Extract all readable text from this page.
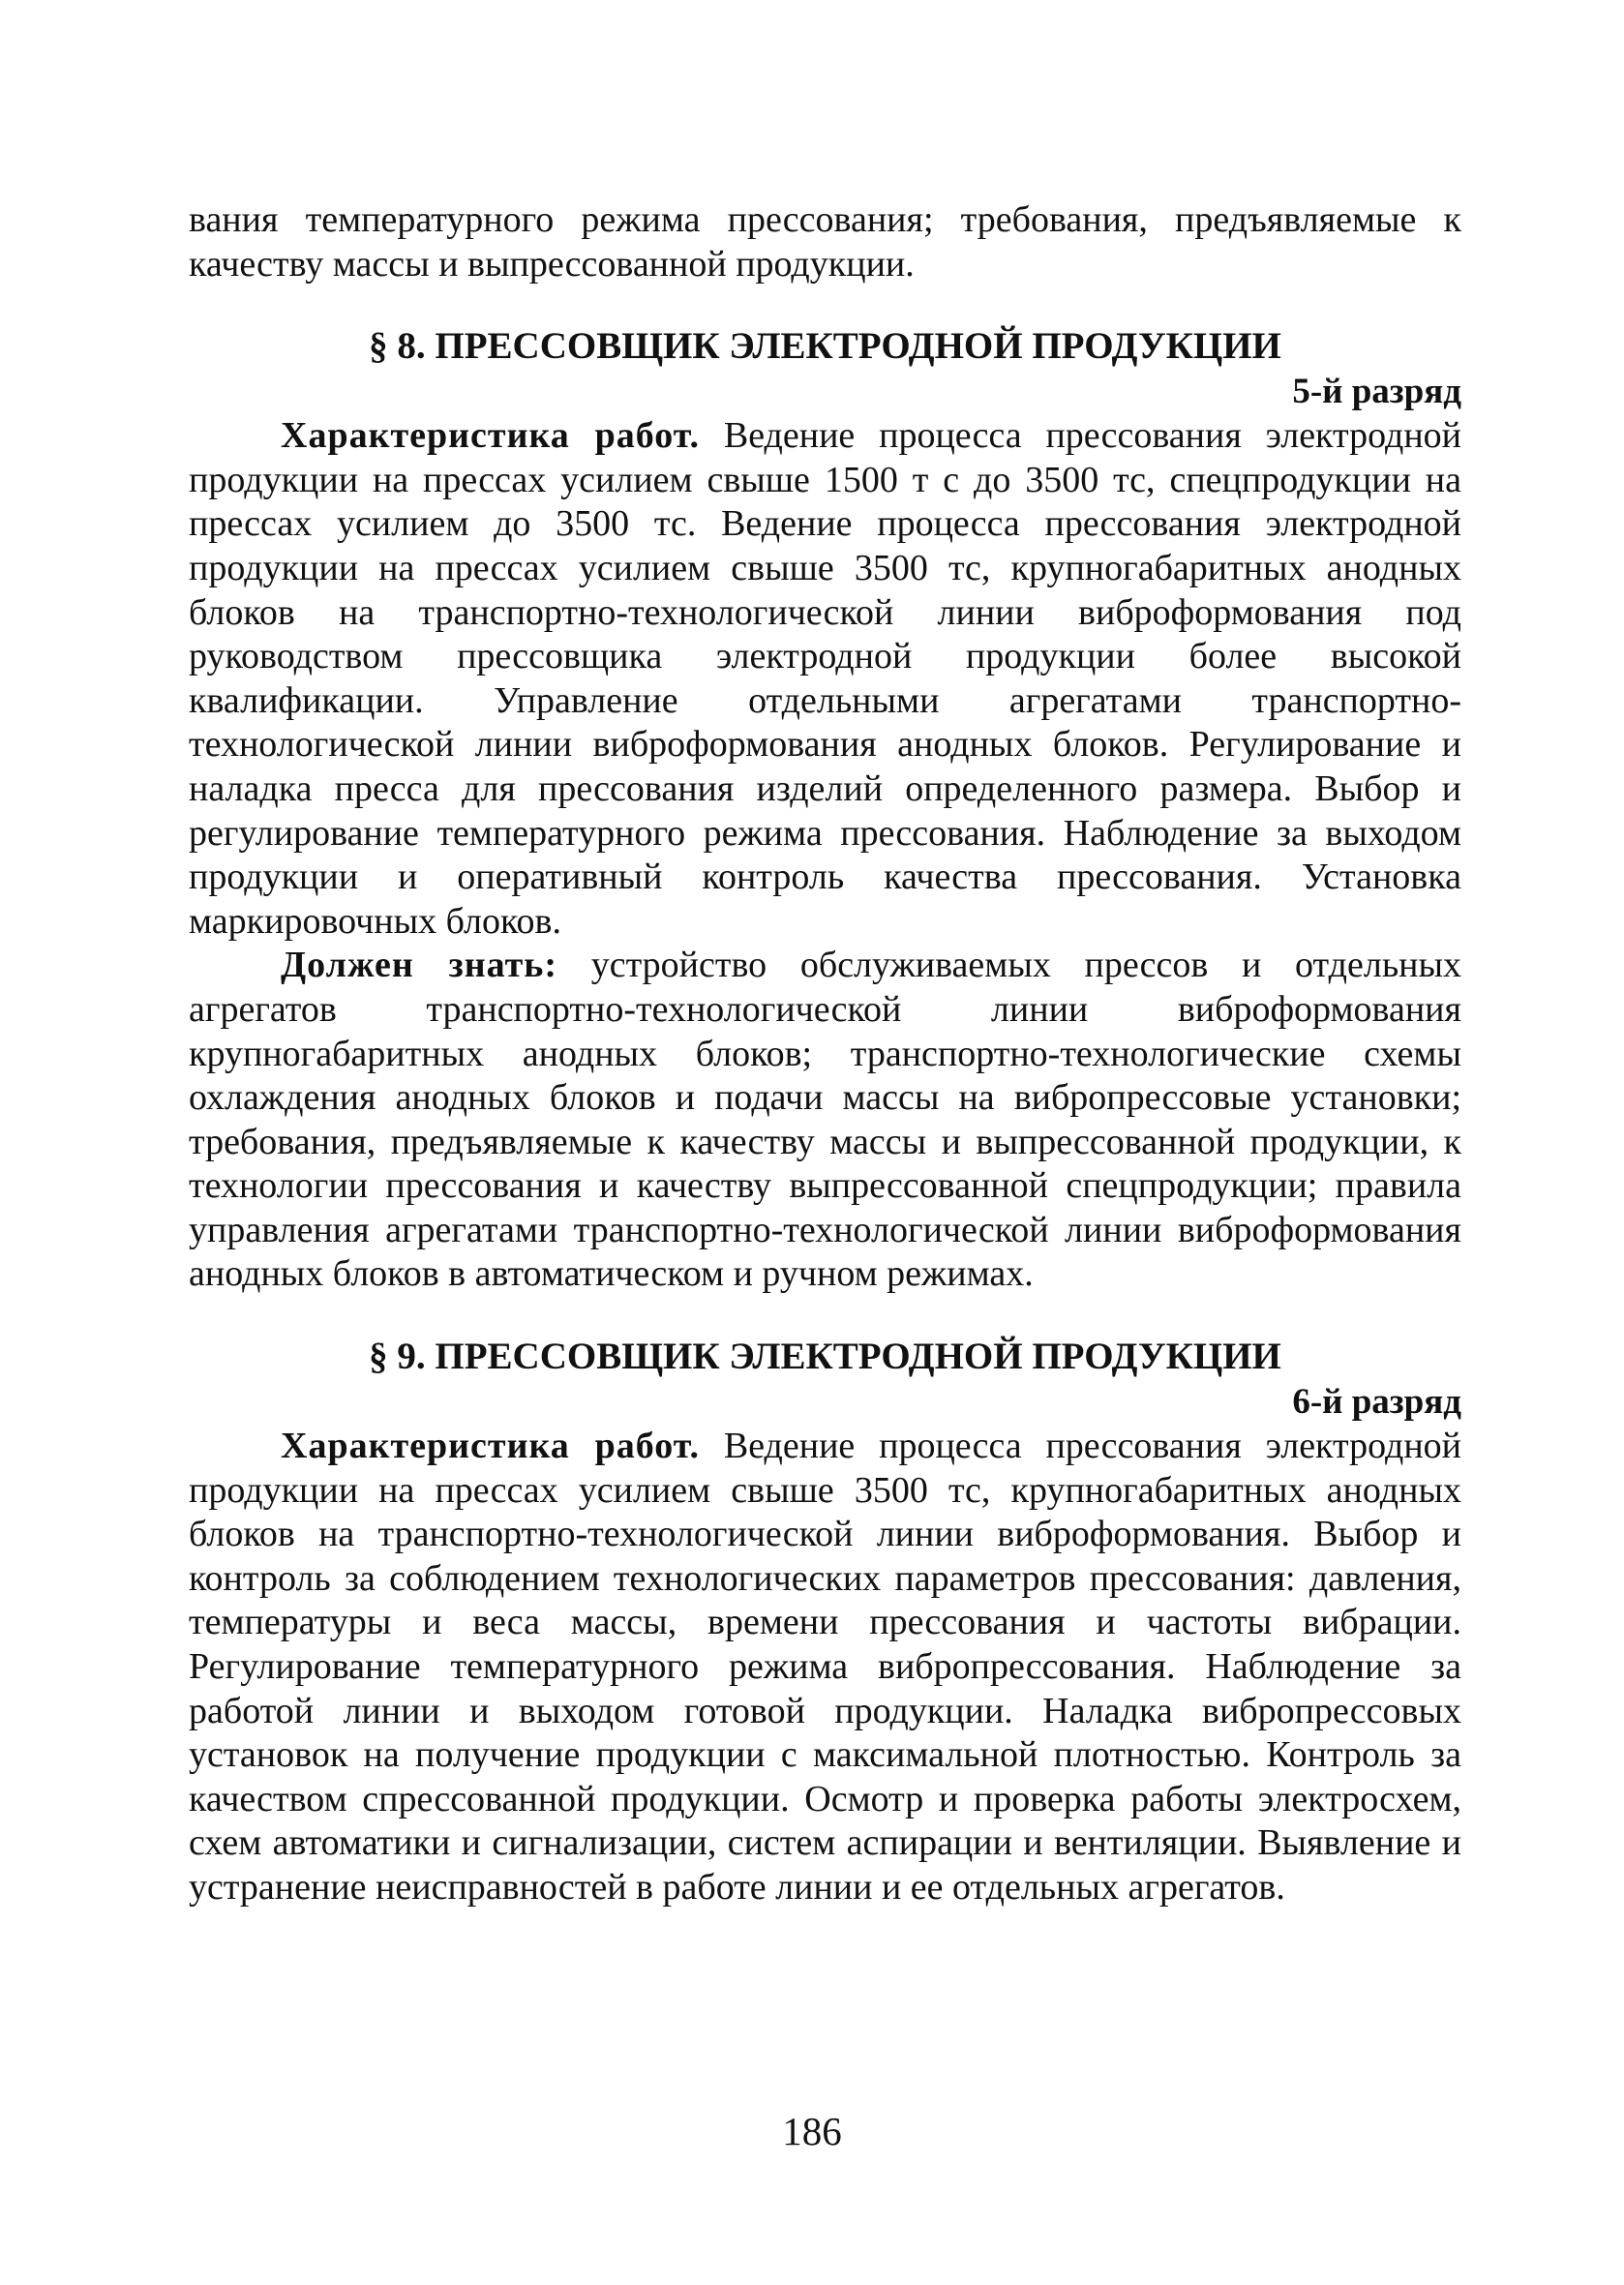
вания температурного режима прессования; требования, предъявляемые к качеству массы и выпрессованной продукции.

§ 8. ПРЕССОВЩИК ЭЛЕКТРОДНОЙ ПРОДУКЦИИ

5-й разряд

Характеристика работ. Ведение процесса прессования электродной продукции на прессах усилием свыше 1500 т с до 3500 тс, спецпродукции на прессах усилием до 3500 тс. Ведение процесса прессования электродной продукции на прессах усилием свыше 3500 тс, крупногабаритных анодных блоков на транспортно-технологической линии виброформования под руководством прессовщика электродной продукции более высокой квалификации. Управление отдельными агрегатами транспортно-технологической линии виброформования анодных блоков. Регулирование и наладка пресса для прессования изделий определенного размера. Выбор и регулирование температурного режима прессования. Наблюдение за выходом продукции и оперативный контроль качества прессования. Установка маркировочных блоков.

Должен знать: устройство обслуживаемых прессов и отдельных агрегатов транспортно-технологической линии виброформования крупногабаритных анодных блоков; транспортно-технологические схемы охлаждения анодных блоков и подачи массы на вибропрессовые установки; требования, предъявляемые к качеству массы и выпрессованной продукции, к технологии прессования и качеству выпрессованной спецпродукции; правила управления агрегатами транспортно-технологической линии виброформования анодных блоков в автоматическом и ручном режимах.

§ 9. ПРЕССОВЩИК ЭЛЕКТРОДНОЙ ПРОДУКЦИИ

6-й разряд

Характеристика работ. Ведение процесса прессования электродной продукции на прессах усилием свыше 3500 тс, крупногабаритных анодных блоков на транспортно-технологической линии виброформования. Выбор и контроль за соблюдением технологических параметров прессования: давления, температуры и веса массы, времени прессования и частоты вибрации. Регулирование температурного режима вибропрессования. Наблюдение за работой линии и выходом готовой продукции. Наладка вибропрессовых установок на получение продукции с максимальной плотностью. Контроль за качеством спрессованной продукции. Осмотр и проверка работы электросхем, схем автоматики и сигнализации, систем аспирации и вентиляции. Выявление и устранение неисправностей в работе линии и ее отдельных агрегатов.

186
